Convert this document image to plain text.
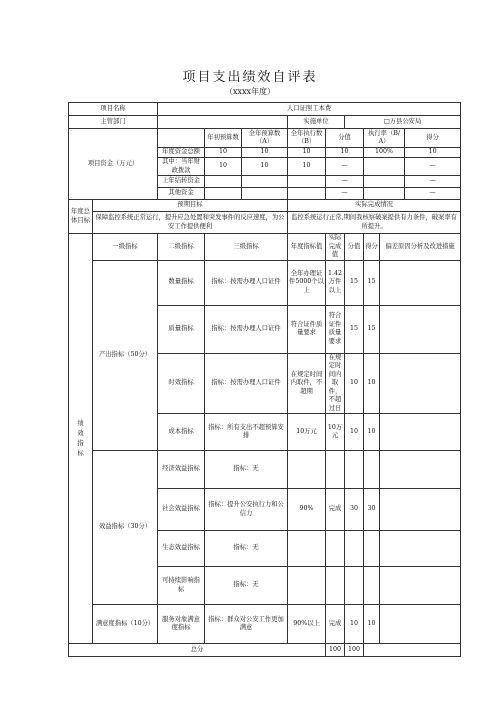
项目支出绩效自评表
（xxxx年度）
项目名称		人口证照工本费								
主管部门					实施单位		□万县公安局			
项目资金（万元）			年初预算数	全年预算数（A）	全年执行数（B）	分值		执行率（B/A）		得分
		年度资金总额	10	10	10	10		100%		10
		其中：当年财政拨款	10	10	10	—				—
		上年结转资金				—				—
		其他资金				—				—
年度总体目标	预期目标				实际完成情况					
	保障监控系统正常运行，提升应急处置和突发事件的反应速度，为公安工作提供便利				监控系统运行正常,期间我核察破案提供有力条件，破案率有所提升。					

绩效指标	一级指标	二级指标	三级指标		年度指标值	实际完成值	分值	得分	偏差原因分析及改进措施	
	产出指标（50分）	数量指标	指标：按需办理人口证件		全年办理证件5000个以上	1.42万件以上	15	15		
		质量指标	指标：按需办理人口证件		符合证件质量要求	符合证件质量要求	15	15		
		时效指标	指标：按需办理人口证件		在规定时间内取件，不超期	在规定时间内取件，不超过日	10	10		
		成本指标	指标：所有支出不超预算安排		10万元	10万元	10	10		
	效益指标（30分）	经济效益指标	指标：无							
		社会效益指标	指标：提升公安执行力和公信力		90%	完成	30	30		
		生态效益指标	指标：无							
		可持续影响指标	指标：无							
	满意度指标（10分）	服务对象满意度指标	指标：群众对公安工作更加满意		90%以上	完成	10	10		
总分						100	100			
